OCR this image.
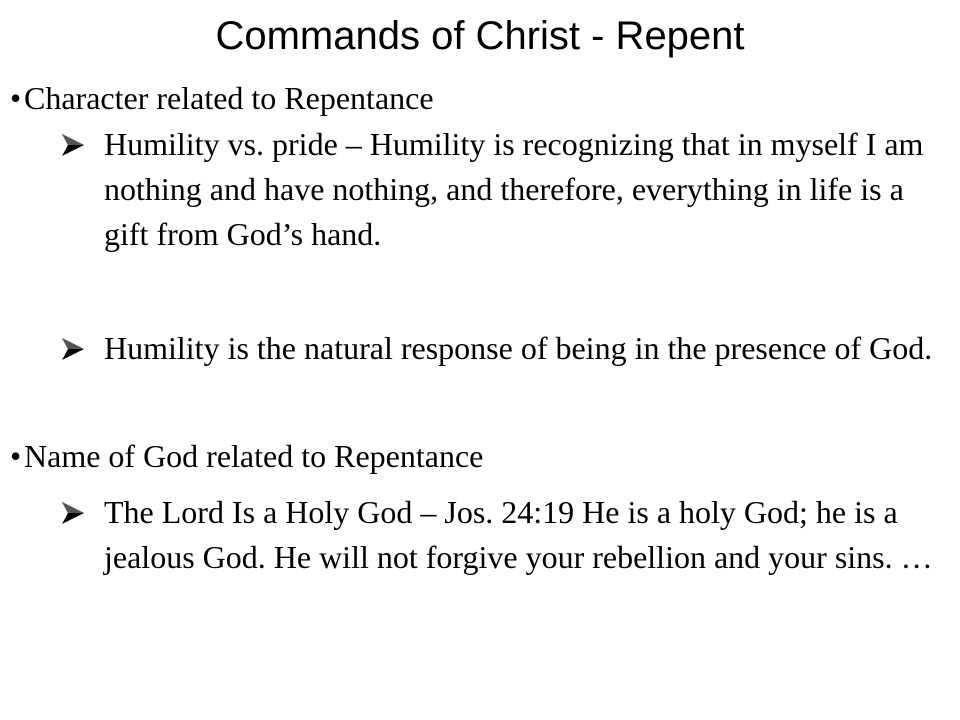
Commands of Christ - Repent
•Character related to Repentance
Humility vs. pride – Humility is recognizing that in myself I am nothing and have nothing, and therefore, everything in life is a gift from God’s hand.
Humility is the natural response of being in the presence of God.
•Name of God related to Repentance
The Lord Is a Holy God – Jos. 24:19 He is a holy God; he is a jealous God. He will not forgive your rebellion and your sins. …
